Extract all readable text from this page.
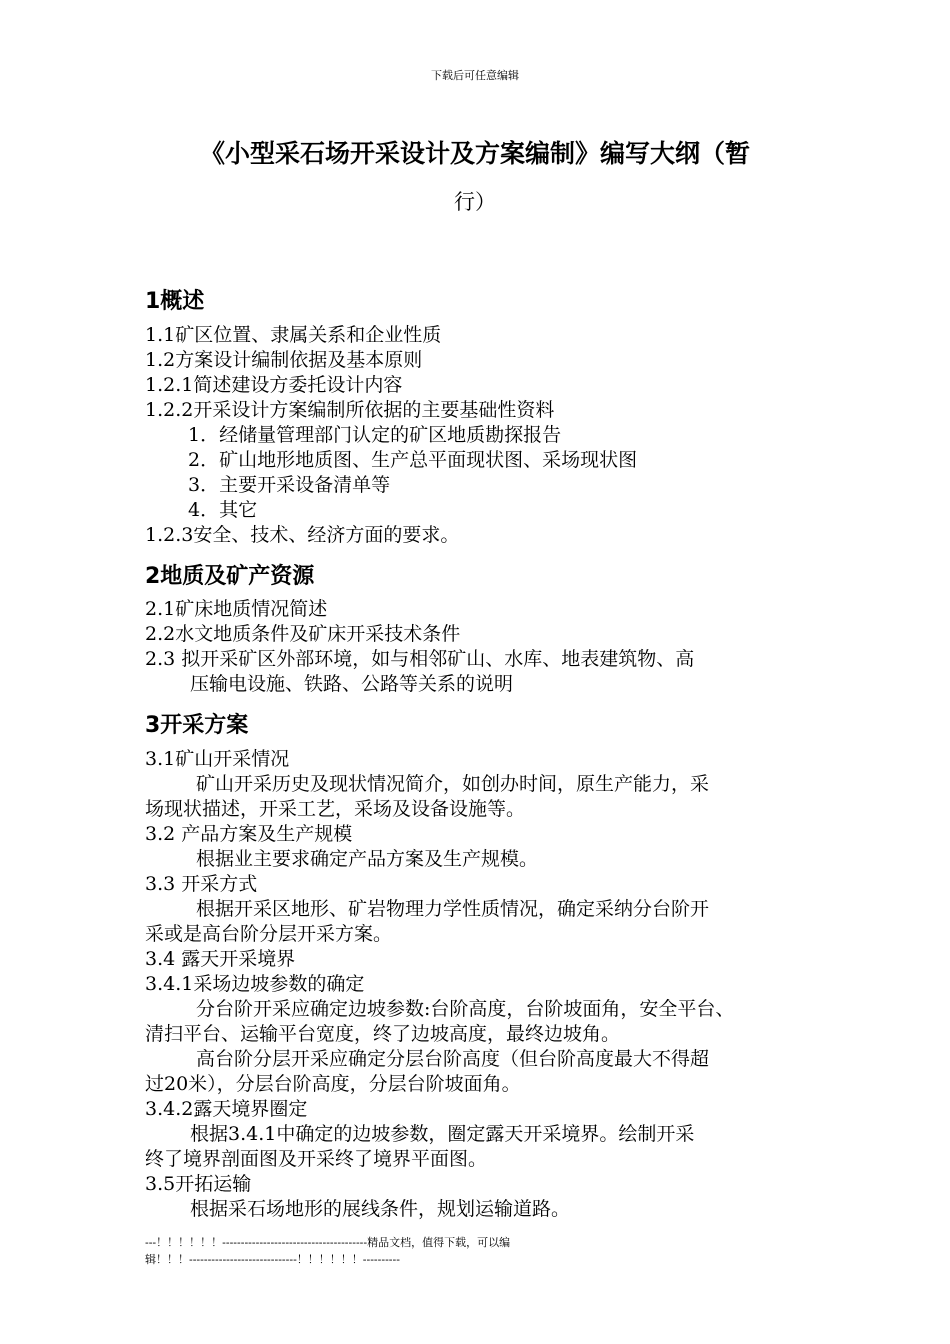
下载后可任意编辑
《小型采石场开采设计及方案编制》编写大纲（暂
行）
1概述
1.1矿区位置、隶属关系和企业性质
1.2方案设计编制依据及基本原则
1.2.1简述建设方委托设计内容
1.2.2开采设计方案编制所依据的主要基础性资料
1．经储量管理部门认定的矿区地质勘探报告
2．矿山地形地质图、生产总平面现状图、采场现状图
3．主要开采设备清单等
4．其它
1.2.3安全、技术、经济方面的要求。
2地质及矿产资源
2.1矿床地质情况简述
2.2水文地质条件及矿床开采技术条件
2.3 拟开采矿区外部环境，如与相邻矿山、水库、地表建筑物、高
压输电设施、铁路、公路等关系的说明
3开采方案
3.1矿山开采情况
矿山开采历史及现状情况简介，如创办时间，原生产能力，采
场现状描述，开采工艺，采场及设备设施等。
3.2 产品方案及生产规模
根据业主要求确定产品方案及生产规模。
3.3 开采方式
根据开采区地形、矿岩物理力学性质情况，确定采纳分台阶开
采或是高台阶分层开采方案。
3.4 露天开采境界
3.4.1采场边坡参数的确定
分台阶开采应确定边坡参数:台阶高度，台阶坡面角，安全平台、
清扫平台、运输平台宽度，终了边坡高度，最终边坡角。
高台阶分层开采应确定分层台阶高度（但台阶高度最大不得超
过20米），分层台阶高度，分层台阶坡面角。
3.4.2露天境界圈定
根据3.4.1中确定的边坡参数，圈定露天开采境界。绘制开采
终了境界剖面图及开采终了境界平面图。
3.5开拓运输
根据采石场地形的展线条件，规划运输道路。
---！！！！！！---------------------------------------精品文档，值得下载，可以编
辑！！！-----------------------------！！！！！！----------
